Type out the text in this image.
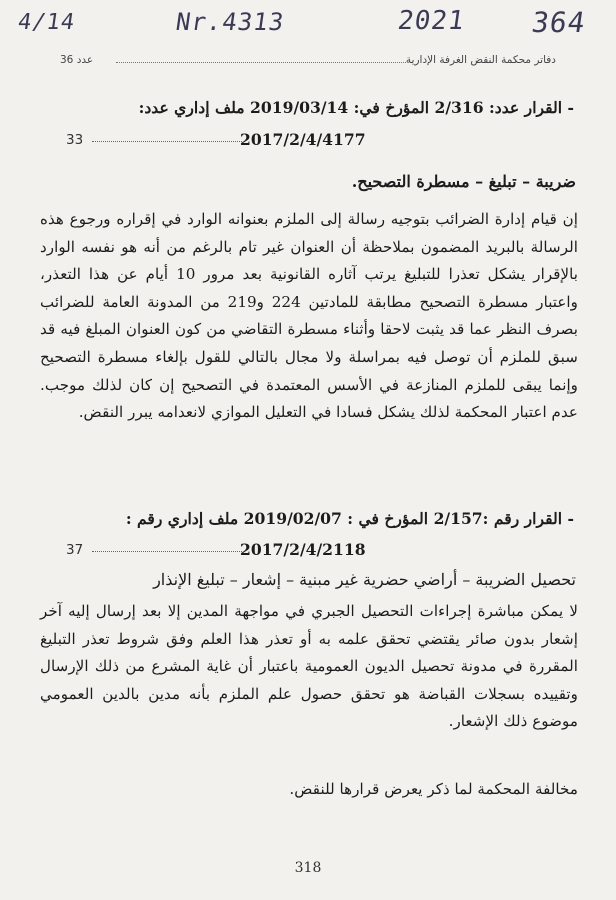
4/14	Nr.4313	2021 364
دفاتر محكمة النقض الغرفة الإدارية
عدد 36
- القرار عدد: 2/316 المؤرخ في: 2019/03/14 ملف إداري عدد:
2017/2/4/4177
33
ضريبة – تبليغ – مسطرة التصحيح.
إن قيام إدارة الضرائب بتوجيه رسالة إلى الملزم بعنوانه الوارد في إقراره ورجوع هذه الرسالة بالبريد المضمون بملاحظة أن العنوان غير تام بالرغم من أنه هو نفسه الوارد بالإقرار يشكل تعذرا للتبليغ يرتب آثاره القانونية بعد مرور 10 أيام عن هذا التعذر، واعتبار مسطرة التصحيح مطابقة للمادتين 224 و219 من المدونة العامة للضرائب بصرف النظر عما قد يثبت لاحقا وأثناء مسطرة التقاضي من كون العنوان المبلغ فيه قد سبق للملزم أن توصل فيه بمراسلة ولا مجال بالتالي للقول بإلغاء مسطرة التصحيح وإنما يبقى للملزم المنازعة في الأسس المعتمدة في التصحيح إن كان لذلك موجب. عدم اعتبار المحكمة لذلك يشكل فسادا في التعليل الموازي لانعدامه يبرر النقض.
- القرار رقم :2/157 المؤرخ في : 2019/02/07 ملف إداري رقم :
2017/2/4/2118
37
تحصيل الضريبة – أراضي حضرية غير مبنية – إشعار – تبليغ الإنذار
لا يمكن مباشرة إجراءات التحصيل الجبري في مواجهة المدين إلا بعد إرسال إليه آخر إشعار بدون صائر يقتضي تحقق علمه به أو تعذر هذا العلم وفق شروط تعذر التبليغ المقررة في مدونة تحصيل الديون العمومية باعتبار أن غاية المشرع من ذلك الإرسال وتقييده بسجلات القباضة هو تحقق حصول علم الملزم بأنه مدين بالدين العمومي موضوع ذلك الإشعار.
مخالفة المحكمة لما ذكر يعرض قرارها للنقض.
318
